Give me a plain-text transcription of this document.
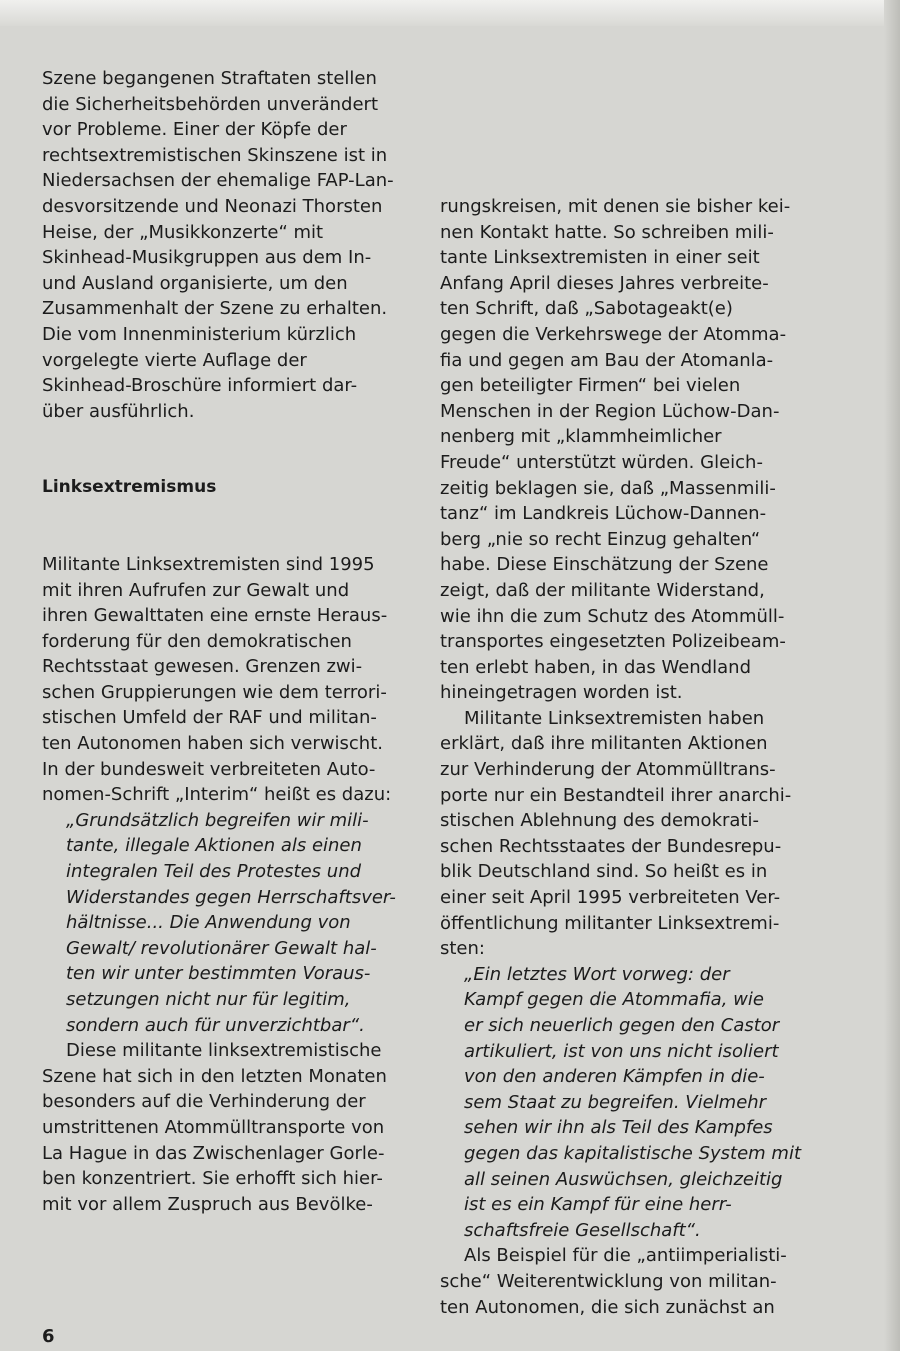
Szene begangenen Straftaten stellen
die Sicherheitsbehörden unverändert
vor Probleme. Einer der Köpfe der
rechtsextremistischen Skinszene ist in
Niedersachsen der ehemalige FAP-Lan-
desvorsitzende und Neonazi Thorsten
Heise, der „Musikkonzerte“ mit
Skinhead-Musikgruppen aus dem In-
und Ausland organisierte, um den
Zusammenhalt der Szene zu erhalten.
Die vom Innenministerium kürzlich
vorgelegte vierte Auflage der
Skinhead-Broschüre informiert dar-
über ausführlich.
Linksextremismus
Militante Linksextremisten sind 1995
mit ihren Aufrufen zur Gewalt und
ihren Gewalttaten eine ernste Heraus-
forderung für den demokratischen
Rechtsstaat gewesen. Grenzen zwi-
schen Gruppierungen wie dem terrori-
stischen Umfeld der RAF und militan-
ten Autonomen haben sich verwischt.
In der bundesweit verbreiteten Auto-
nomen-Schrift „Interim“ heißt es dazu:
„Grundsätzlich begreifen wir mili-
tante, illegale Aktionen als einen
integralen Teil des Protestes und
Widerstandes gegen Herrschaftsver-
hältnisse... Die Anwendung von
Gewalt/ revolutionärer Gewalt hal-
ten wir unter bestimmten Voraus-
setzungen nicht nur für legitim,
sondern auch für unverzichtbar“.
Diese militante linksextremistische
Szene hat sich in den letzten Monaten
besonders auf die Verhinderung der
umstrittenen Atommülltransporte von
La Hague in das Zwischenlager Gorle-
ben konzentriert. Sie erhofft sich hier-
mit vor allem Zuspruch aus Bevölke-
rungskreisen, mit denen sie bisher kei-
nen Kontakt hatte. So schreiben mili-
tante Linksextremisten in einer seit
Anfang April dieses Jahres verbreite-
ten Schrift, daß „Sabotageakt(e)
gegen die Verkehrswege der Atomma-
fia und gegen am Bau der Atomanla-
gen beteiligter Firmen“ bei vielen
Menschen in der Region Lüchow-Dan-
nenberg mit „klammheimlicher
Freude“ unterstützt würden. Gleich-
zeitig beklagen sie, daß „Massenmili-
tanz“ im Landkreis Lüchow-Dannen-
berg „nie so recht Einzug gehalten“
habe. Diese Einschätzung der Szene
zeigt, daß der militante Widerstand,
wie ihn die zum Schutz des Atommüll-
transportes eingesetzten Polizeibeam-
ten erlebt haben, in das Wendland
hineingetragen worden ist.
Militante Linksextremisten haben
erklärt, daß ihre militanten Aktionen
zur Verhinderung der Atommülltrans-
porte nur ein Bestandteil ihrer anarchi-
stischen Ablehnung des demokrati-
schen Rechtsstaates der Bundesrepu-
blik Deutschland sind. So heißt es in
einer seit April 1995 verbreiteten Ver-
öffentlichung militanter Linksextremi-
sten:
„Ein letztes Wort vorweg: der
Kampf gegen die Atommafia, wie
er sich neuerlich gegen den Castor
artikuliert, ist von uns nicht isoliert
von den anderen Kämpfen in die-
sem Staat zu begreifen. Vielmehr
sehen wir ihn als Teil des Kampfes
gegen das kapitalistische System mit
all seinen Auswüchsen, gleichzeitig
ist es ein Kampf für eine herr-
schaftsfreie Gesellschaft“.
Als Beispiel für die „antiimperialisti-
sche“ Weiterentwicklung von militan-
ten Autonomen, die sich zunächst an
6
